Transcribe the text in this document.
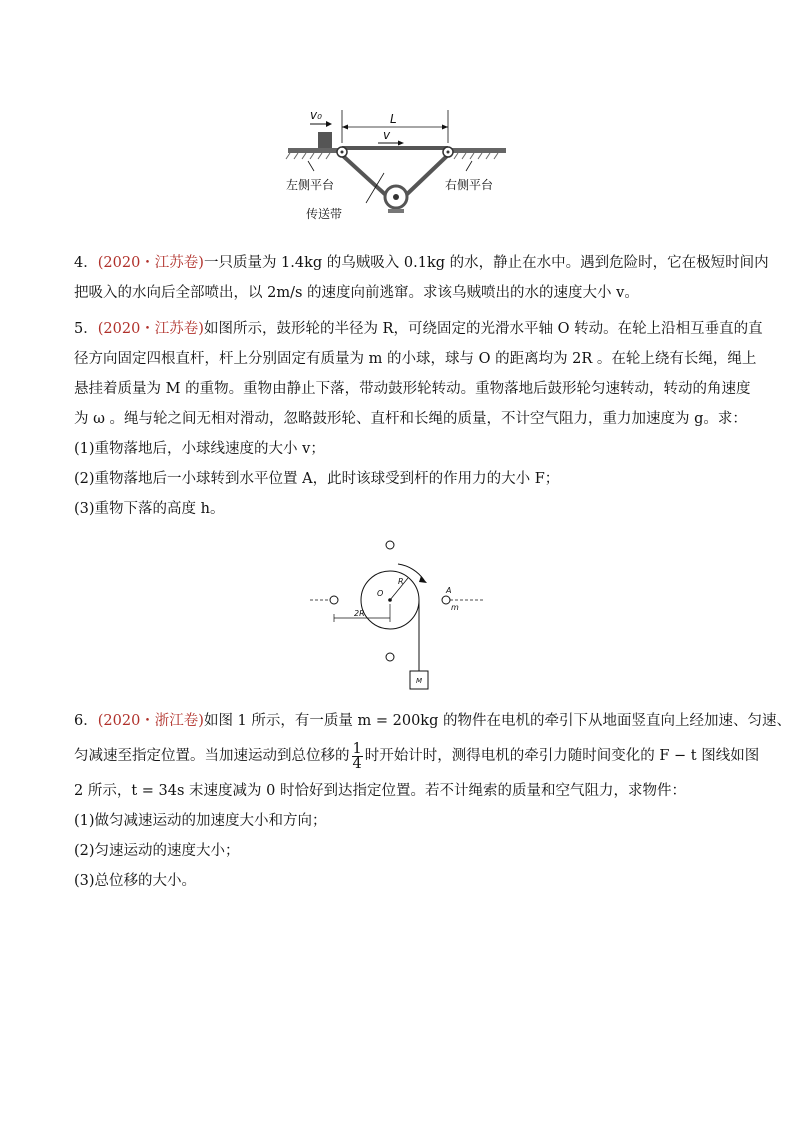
v₀	L
v
左侧平台	右侧平台
传送带
4．(2020・江苏卷)一只质量为 1.4kg 的乌贼吸入 0.1kg 的水，静止在水中。遇到危险时，它在极短时间内
把吸入的水向后全部喷出，以 2m/s 的速度向前逃窜。求该乌贼喷出的水的速度大小 v。
5．(2020・江苏卷)如图所示，鼓形轮的半径为 R，可绕固定的光滑水平轴 O 转动。在轮上沿相互垂直的直
径方向固定四根直杆，杆上分别固定有质量为 m 的小球，球与 O 的距离均为 2R 。在轮上绕有长绳，绳上
悬挂着质量为 M 的重物。重物由静止下落，带动鼓形轮转动。重物落地后鼓形轮匀速转动，转动的角速度
为 ω 。绳与轮之间无相对滑动，忽略鼓形轮、直杆和长绳的质量，不计空气阻力，重力加速度为 g。求：
(1)重物落地后，小球线速度的大小 v；
(2)重物落地后一小球转到水平位置 A，此时该球受到杆的作用力的大小 F；
(3)重物下落的高度 h。
R
O	A
m
2R
M
6．(2020・浙江卷)如图 1 所示，有一质量 m = 200kg 的物件在电机的牵引下从地面竖直向上经加速、匀速、
匀减速至指定位置。当加速运动到总位移的 $\frac{1}{4}$ 时开始计时，测得电机的牵引力随时间变化的 F − t 图线如图
2 所示，t = 34s 末速度减为 0 时恰好到达指定位置。若不计绳索的质量和空气阻力，求物件：
(1)做匀减速运动的加速度大小和方向；
(2)匀速运动的速度大小；
(3)总位移的大小。
